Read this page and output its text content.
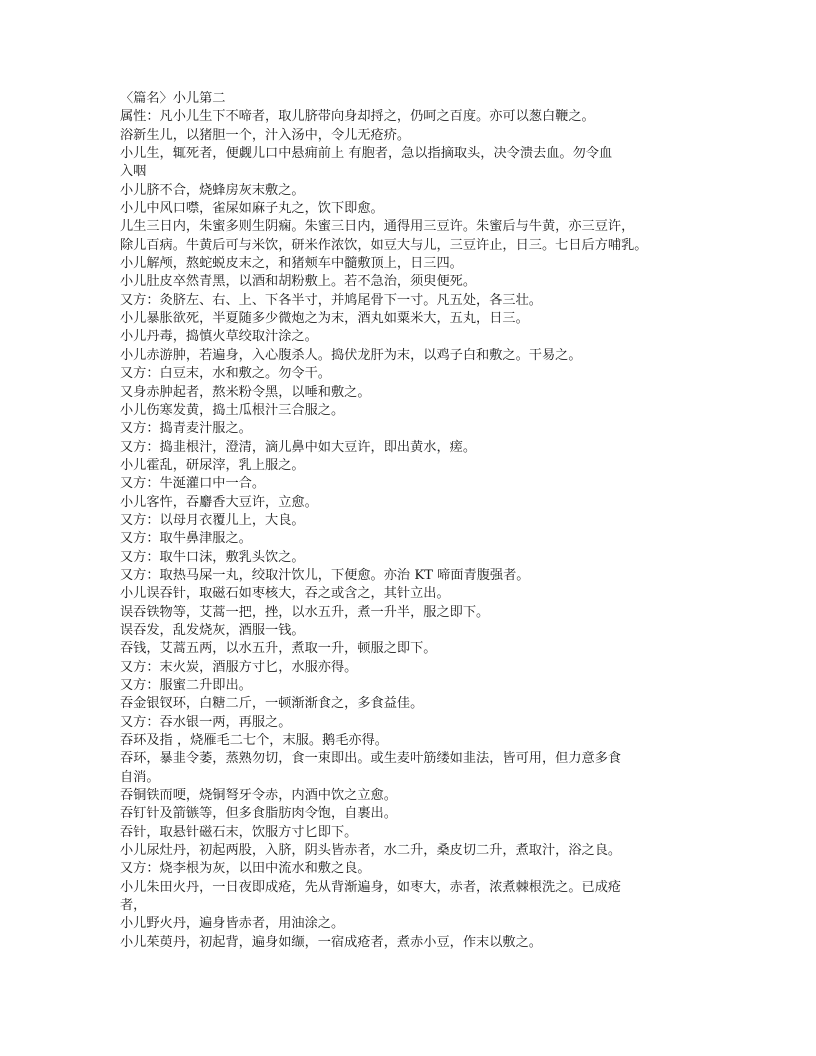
〈篇名〉小儿第二
属性：凡小儿生下不啼者，取儿脐带向身却捋之，仍呵之百度。亦可以葱白鞭之。
浴新生儿，以猪胆一个，汁入汤中，令儿无疮疥。
小儿生，辄死者，便觑儿口中悬痈前上 有胞者，急以指摘取头，决令溃去血。勿令血
入咽
小儿脐不合，烧蜂房灰末敷之。
小儿中风口噤，雀屎如麻子丸之，饮下即愈。
儿生三日内，朱蜜多则生阴痫。朱蜜三日内，通得用三豆许。朱蜜后与牛黄，亦三豆许，
除儿百病。牛黄后可与米饮，研米作浓饮，如豆大与儿，三豆许止，日三。七日后方哺乳。
小儿解颅，熬蛇蜕皮末之，和猪颊车中髓敷顶上，日三四。
小儿肚皮卒然青黑，以酒和胡粉敷上。若不急治，须臾便死。
又方：灸脐左、右、上、下各半寸，并鸠尾骨下一寸。凡五处，各三壮。
小儿暴胀欲死，半夏随多少微炮之为末，酒丸如粟米大，五丸，日三。
小儿丹毒，捣慎火草绞取汁涂之。
小儿赤游肿，若遍身，入心腹杀人。捣伏龙肝为末，以鸡子白和敷之。干易之。
又方：白豆末，水和敷之。勿令干。
又身赤肿起者，熬米粉令黑，以唾和敷之。
小儿伤寒发黄，捣土瓜根汁三合服之。
又方：捣青麦汁服之。
又方：捣韭根汁，澄清，滴儿鼻中如大豆许，即出黄水，瘥。
小儿霍乱，研尿滓，乳上服之。
又方：牛涎灌口中一合。
小儿客忤，吞麝香大豆许，立愈。
又方：以母月衣覆儿上，大良。
又方：取牛鼻津服之。
又方：取牛口沫，敷乳头饮之。
又方：取热马屎一丸，绞取汁饮儿，下便愈。亦治 KT 啼面青腹强者。
小儿误吞针，取磁石如枣核大，吞之或含之，其针立出。
误吞铁物等，艾蒿一把，挫，以水五升，煮一升半，服之即下。
误吞发，乱发烧灰，酒服一钱。
吞钱，艾蒿五两，以水五升，煮取一升，顿服之即下。
又方：末火炭，酒服方寸匕，水服亦得。
又方：服蜜二升即出。
吞金银钗环，白糖二斤，一顿渐渐食之，多食益佳。
又方：吞水银一两，再服之。
吞环及指 ，烧雁毛二七个，末服。鹅毛亦得。
吞环，暴韭令萎，蒸熟勿切，食一束即出。或生麦叶筋缕如韭法，皆可用，但力意多食
自消。
吞铜铁而哽，烧铜弩牙令赤，内酒中饮之立愈。
吞钉针及箭镞等，但多食脂肪肉令饱，自裹出。
吞针，取悬针磁石末，饮服方寸匕即下。
小儿尿灶丹，初起两股，入脐，阴头皆赤者，水二升，桑皮切二升，煮取汁，浴之良。
又方：烧李根为灰，以田中流水和敷之良。
小儿朱田火丹，一日夜即成疮，先从背渐遍身，如枣大，赤者，浓煮棘根洗之。已成疮
者，
小儿野火丹，遍身皆赤者，用油涂之。
小儿茱萸丹，初起背，遍身如缬，一宿成疮者，煮赤小豆，作末以敷之。
